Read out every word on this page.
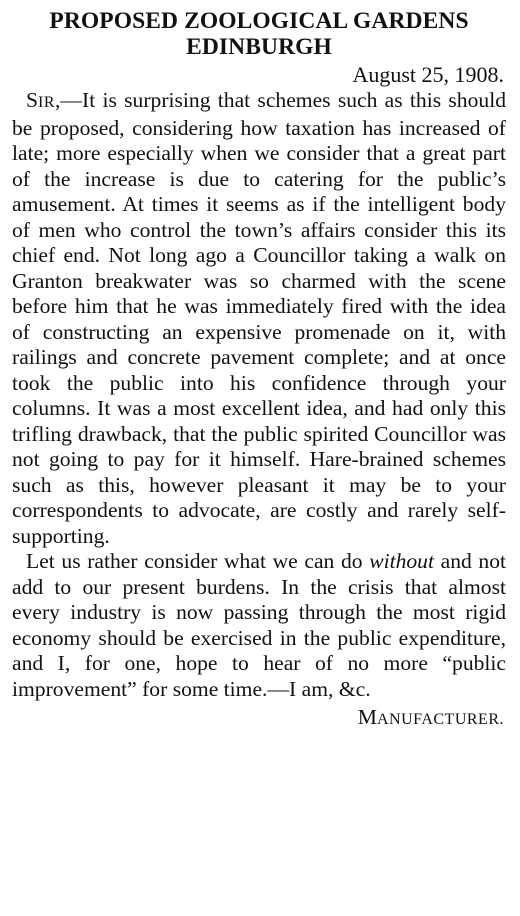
PROPOSED ZOOLOGICAL GARDENS
EDINBURGH
August 25, 1908.

SIR,—It is surprising that schemes such as this should be proposed, considering how taxation has increased of late; more especially when we consider that a great part of the increase is due to catering for the public’s amusement. At times it seems as if the intelligent body of men who control the town’s affairs consider this its chief end. Not long ago a Councillor taking a walk on Granton breakwater was so charmed with the scene before him that he was immediately fired with the idea of constructing an expensive promenade on it, with railings and concrete pavement complete; and at once took the public into his confidence through your columns. It was a most excellent idea, and had only this trifling drawback, that the public spirited Councillor was not going to pay for it himself. Hare-brained schemes such as this, however pleasant it may be to your correspondents to advocate, are costly and rarely self-supporting.

Let us rather consider what we can do without and not add to our present burdens. In the crisis that almost every industry is now passing through the most rigid economy should be exercised in the public expenditure, and I, for one, hope to hear of no more “public improvement” for some time.—I am, &c.

MANUFACTURER.
